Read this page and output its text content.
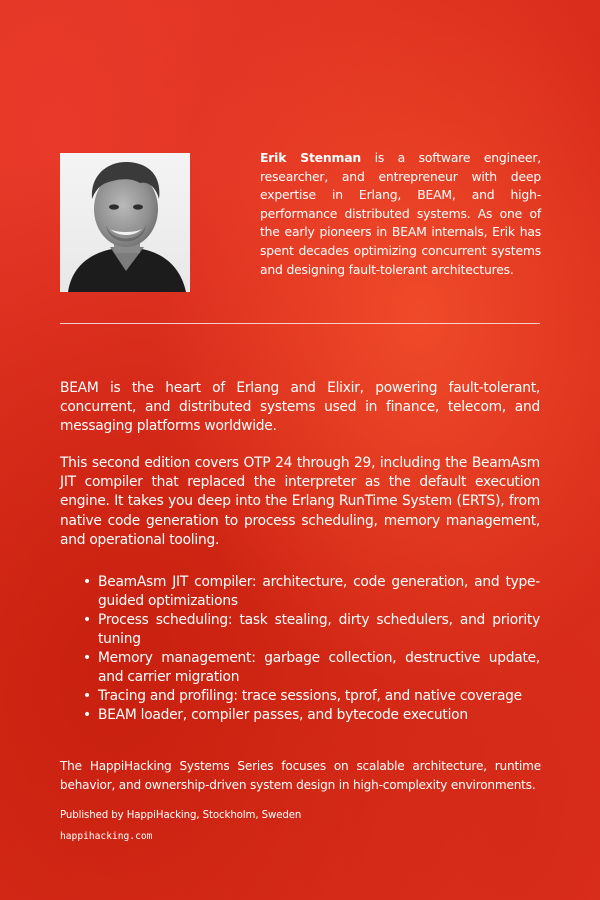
Erik Stenman is a software engineer, researcher, and entrepreneur with deep expertise in Erlang, BEAM, and high-performance distributed systems. As one of the early pioneers in BEAM internals, Erik has spent decades optimizing concurrent systems and designing fault-tolerant architectures.

BEAM is the heart of Erlang and Elixir, powering fault-tolerant, concurrent, and distributed systems used in finance, telecom, and messaging platforms worldwide.

This second edition covers OTP 24 through 29, including the BeamAsm JIT compiler that replaced the interpreter as the default execution engine. It takes you deep into the Erlang RunTime System (ERTS), from native code generation to process scheduling, memory management, and operational tooling.

• BeamAsm JIT compiler: architecture, code generation, and type-guided optimizations
• Process scheduling: task stealing, dirty schedulers, and priority tuning
• Memory management: garbage collection, destructive update, and carrier migration
• Tracing and profiling: trace sessions, tprof, and native coverage
• BEAM loader, compiler passes, and bytecode execution
The HappiHacking Systems Series focuses on scalable architecture, runtime behavior, and ownership-driven system design in high-complexity environments.
Published by HappiHacking, Stockholm, Sweden
happihacking.com
